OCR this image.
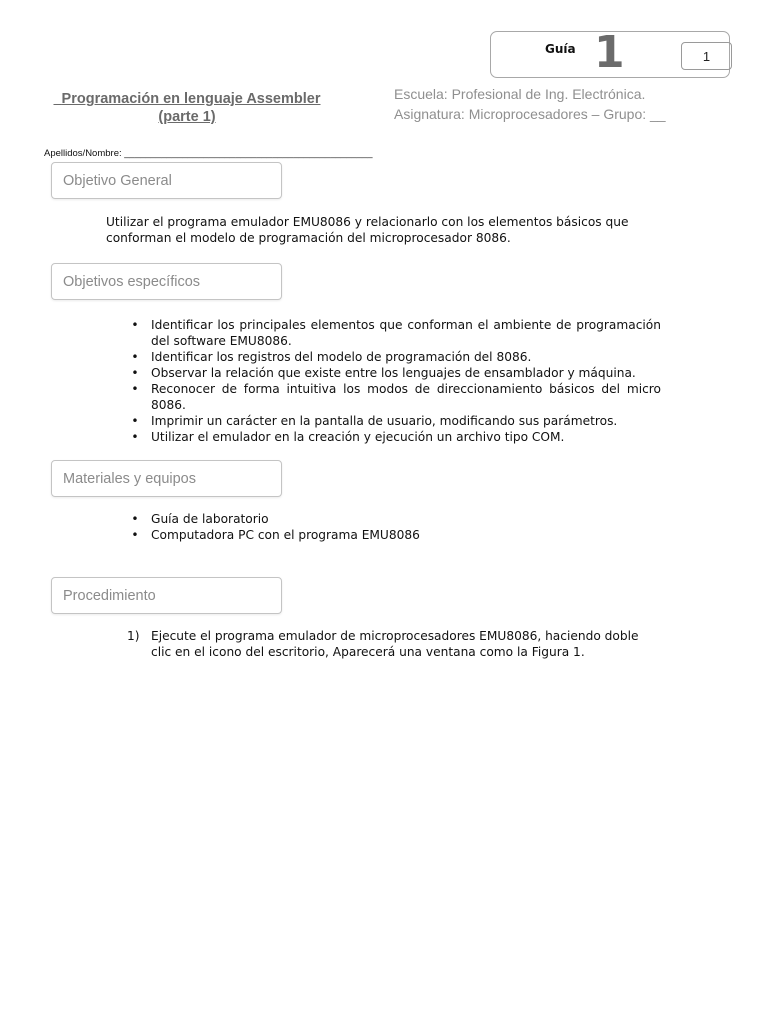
Guía 1	1
Programación en lenguaje Assembler
(parte 1)
Escuela: Profesional de Ing. Electrónica.
Asignatura: Microprocesadores – Grupo: __
Apellidos/Nombre: _______________________________________________
Objetivo General
Utilizar el programa emulador EMU8086 y relacionarlo con los elementos básicos que conforman el modelo de programación del microprocesador 8086.
Objetivos específicos
• Identificar los principales elementos que conforman el ambiente de programación del software EMU8086.
• Identificar los registros del modelo de programación del 8086.
• Observar la relación que existe entre los lenguajes de ensamblador y máquina.
• Reconocer de forma intuitiva los modos de direccionamiento básicos del micro 8086.
• Imprimir un carácter en la pantalla de usuario, modificando sus parámetros.
• Utilizar el emulador en la creación y ejecución un archivo tipo COM.
Materiales y equipos
• Guía de laboratorio
• Computadora PC con el programa EMU8086
Procedimiento
1) Ejecute el programa emulador de microprocesadores EMU8086, haciendo doble clic en el icono del escritorio, Aparecerá una ventana como la Figura 1.
